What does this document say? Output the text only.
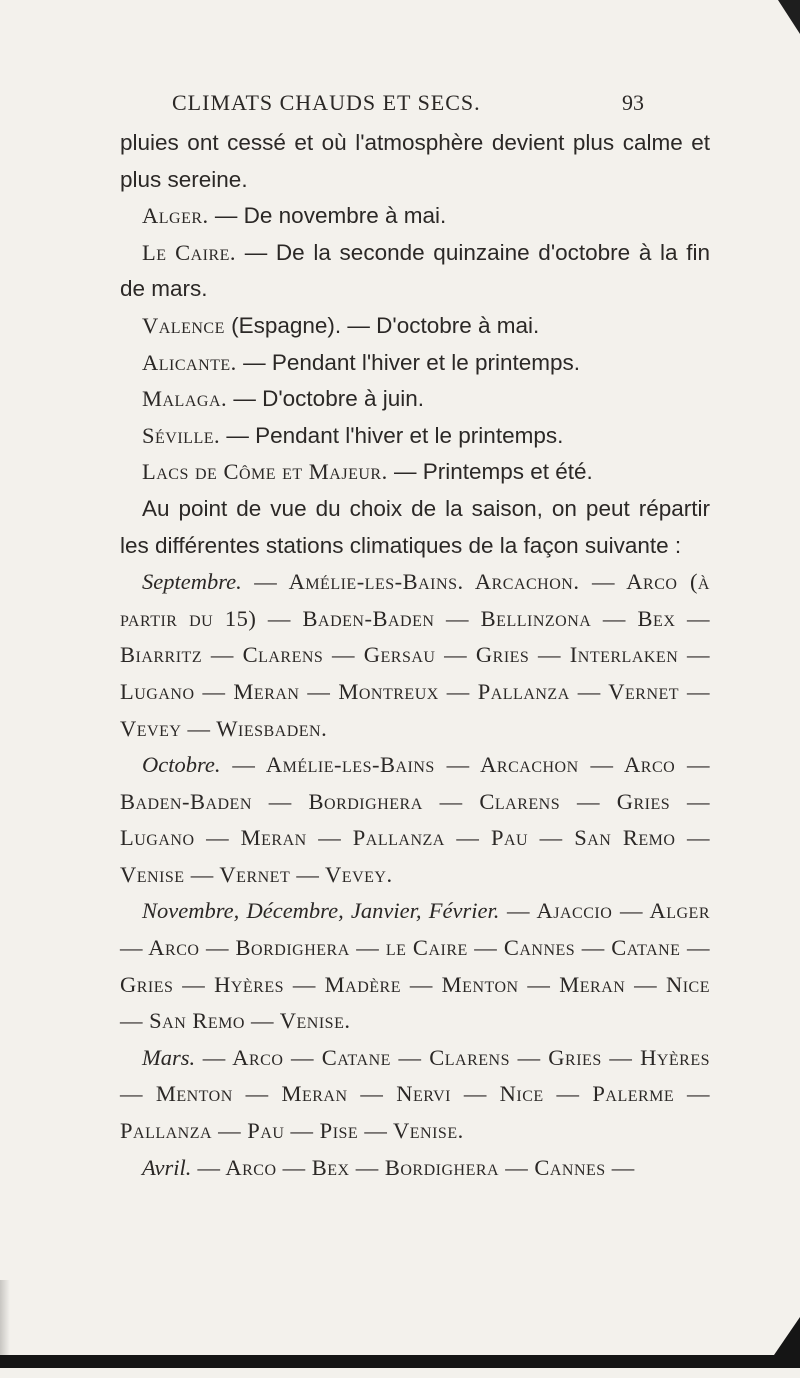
CLIMATS CHAUDS ET SECS.	93

pluies ont cessé et où l'atmosphère devient plus calme et plus sereine.

Alger. — De novembre à mai.

Le Caire. — De la seconde quinzaine d'octobre à la fin de mars.

Valence (Espagne). — D'octobre à mai.

Alicante. — Pendant l'hiver et le printemps.

Malaga. — D'octobre à juin.

Séville. — Pendant l'hiver et le printemps.

Lacs de Côme et Majeur. — Printemps et été.

Au point de vue du choix de la saison, on peut répartir les différentes stations climatiques de la façon suivante :

Septembre. — Amélie-les-Bains. Arcachon. — Arco (à partir du 15) — Baden-Baden — Bellinzona — Bex — Biarritz — Clarens — Gersau — Gries — Interlaken — Lugano — Meran — Montreux — Pallanza — Vernet — Vevey — Wiesbaden.

Octobre. — Amélie-les-Bains — Arcachon — Arco — Baden-Baden — Bordighera — Clarens — Gries — Lugano — Meran — Pallanza — Pau — San Remo — Venise — Vernet — Vevey.

Novembre, Décembre, Janvier, Février. — Ajaccio — Alger — Arco — Bordighera — le Caire — Cannes — Catane — Gries — Hyères — Madère — Menton — Meran — Nice — San Remo — Venise.

Mars. — Arco — Catane — Clarens — Gries — Hyères — Menton — Meran — Nervi — Nice — Palerme — Pallanza — Pau — Pise — Venise.

Avril. — Arco — Bex — Bordighera — Cannes —
